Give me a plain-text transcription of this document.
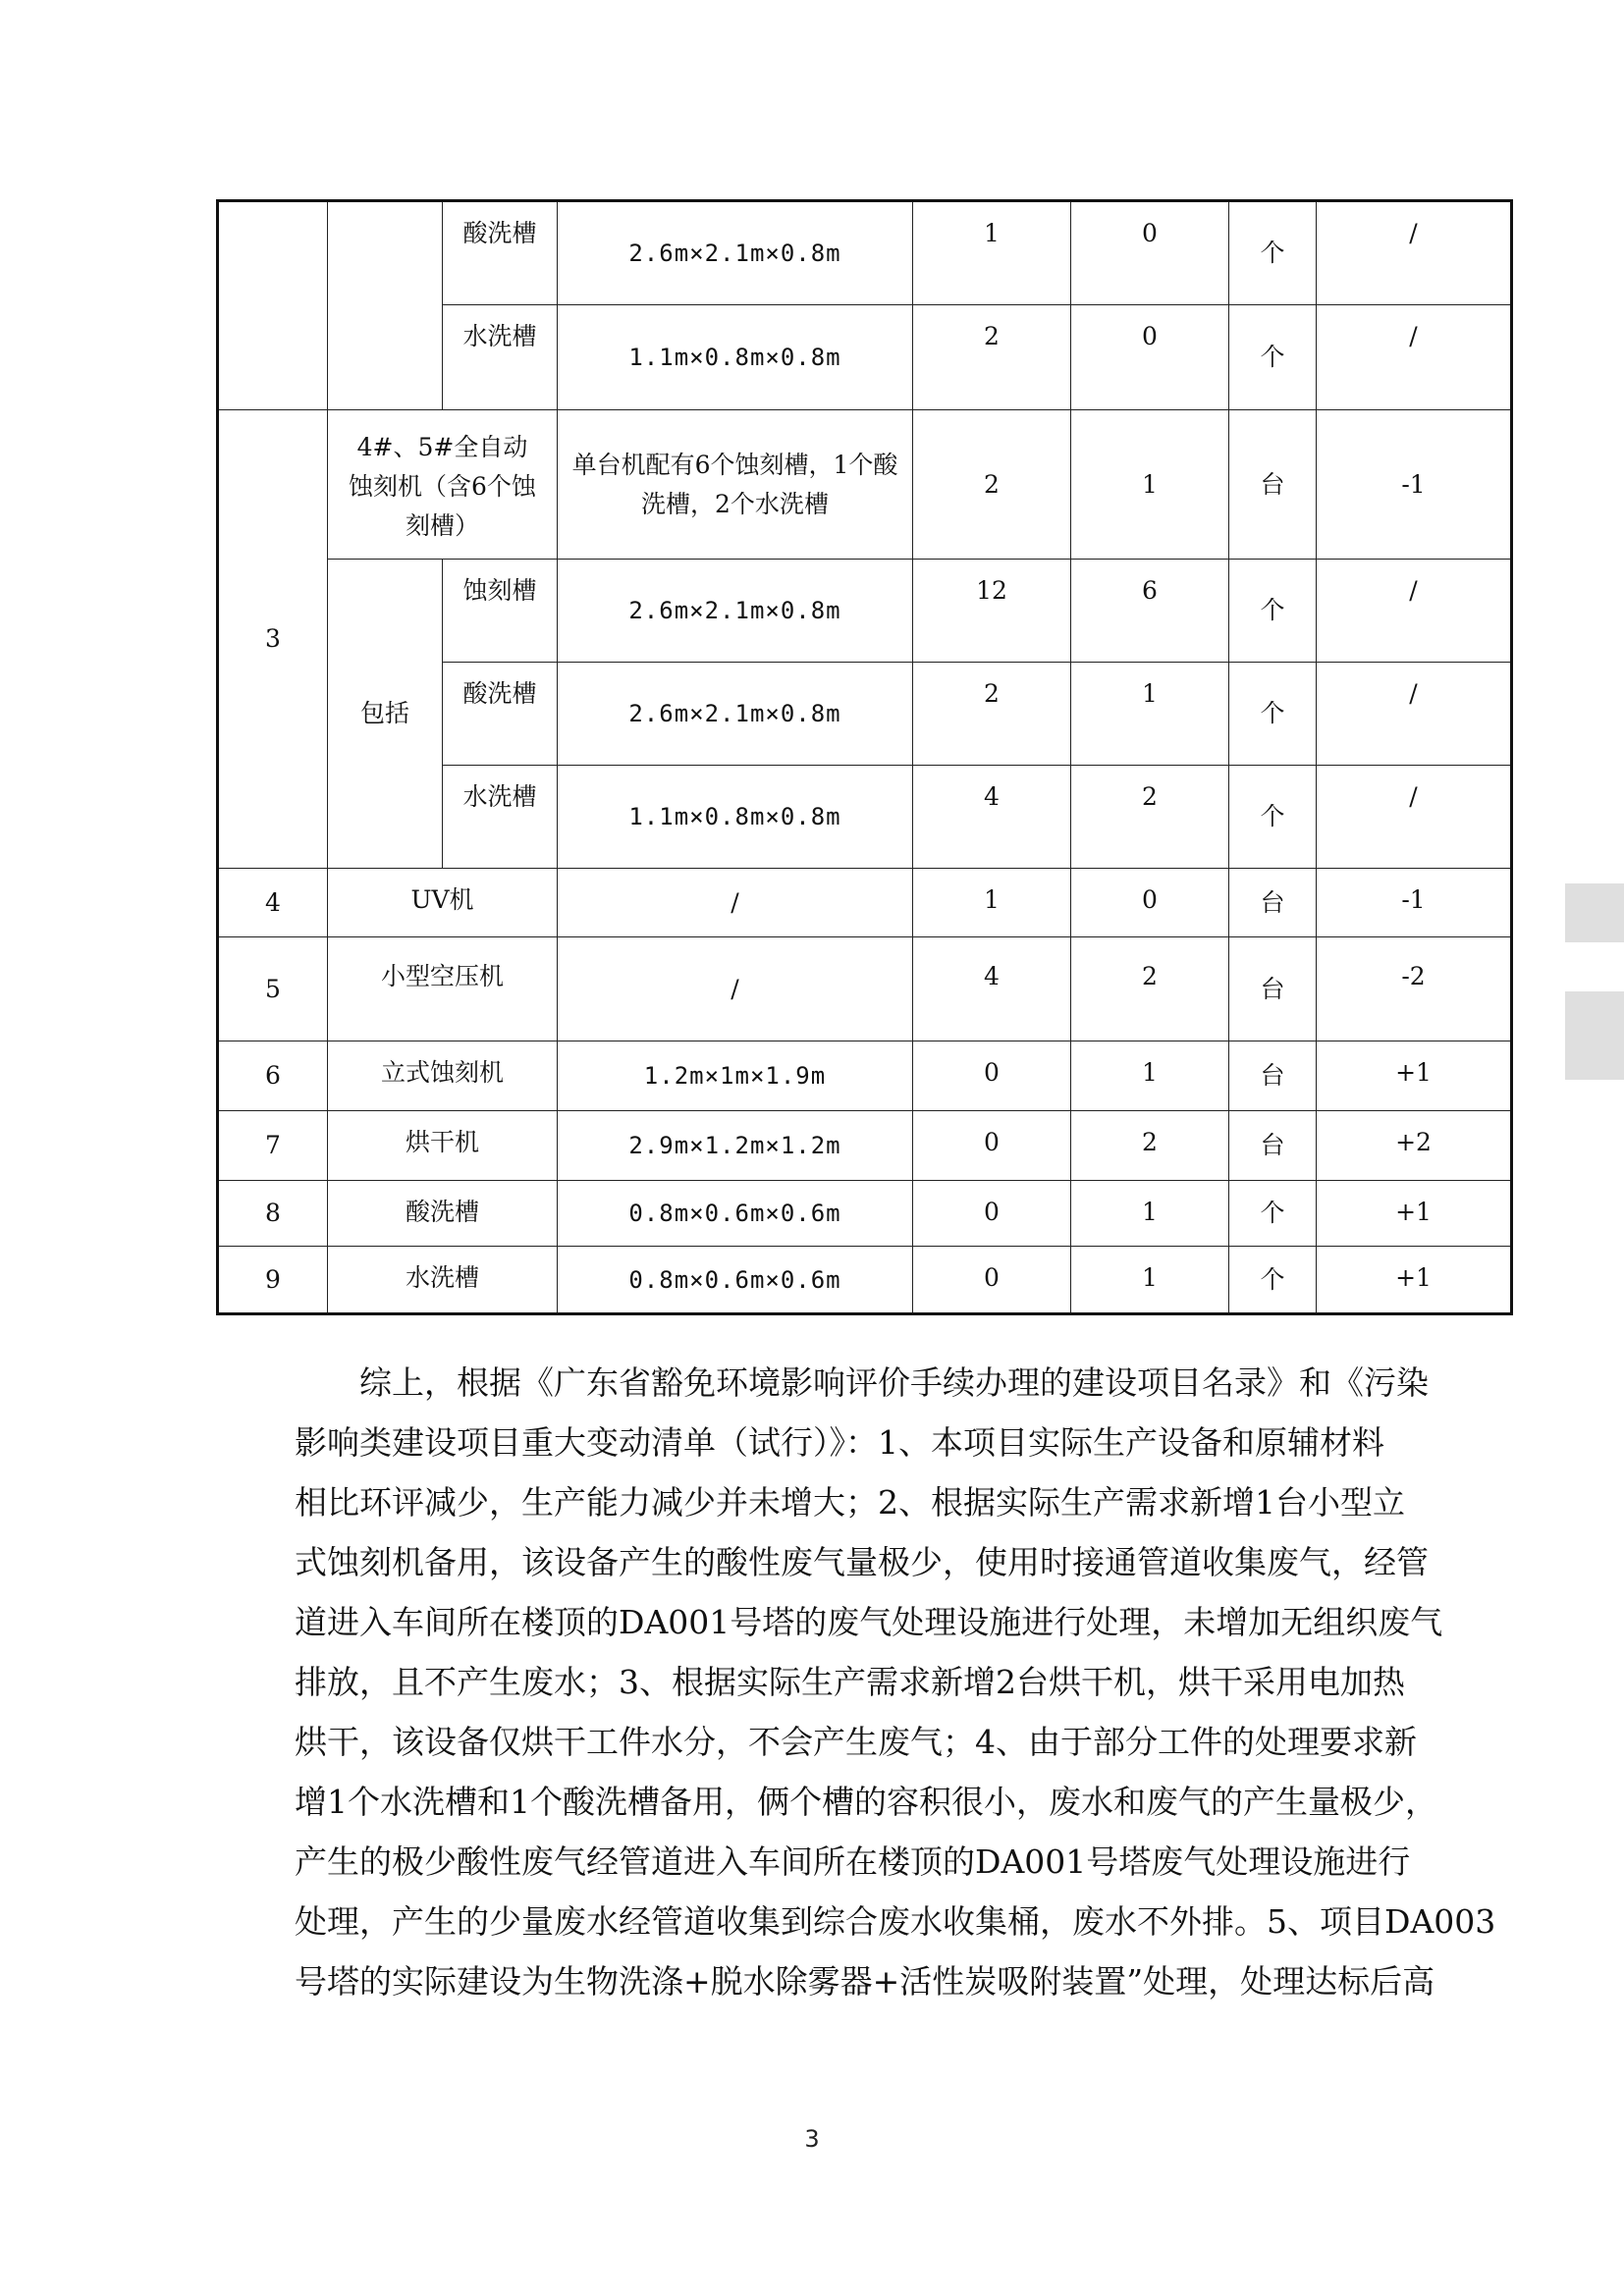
		酸洗槽	2.6m×2.1m×0.8m	1	0	个	/
		水洗槽	1.1m×0.8m×0.8m	2	0	个	/
3	4#、5#全自动蚀刻机（含6个蚀刻槽）		单台机配有6个蚀刻槽，1个酸洗槽，2个水洗槽	2	1	台	-1
	包括	蚀刻槽	2.6m×2.1m×0.8m	12	6	个	/
		酸洗槽	2.6m×2.1m×0.8m	2	1	个	/
		水洗槽	1.1m×0.8m×0.8m	4	2	个	/
4	UV机		/	1	0	台	-1
5	小型空压机		/	4	2	台	-2
6	立式蚀刻机		1.2m×1m×1.9m	0	1	台	+1
7	烘干机		2.9m×1.2m×1.2m	0	2	台	+2
8	酸洗槽		0.8m×0.6m×0.6m	0	1	个	+1
9	水洗槽		0.8m×0.6m×0.6m	0	1	个	+1
综上，根据《广东省豁免环境影响评价手续办理的建设项目名录》和《污染
影响类建设项目重大变动清单（试行）》：1、本项目实际生产设备和原辅材料
相比环评减少，生产能力减少并未增大；2、根据实际生产需求新增1台小型立
式蚀刻机备用，该设备产生的酸性废气量极少，使用时接通管道收集废气，经管
道进入车间所在楼顶的DA001号塔的废气处理设施进行处理，未增加无组织废气
排放，且不产生废水；3、根据实际生产需求新增2台烘干机，烘干采用电加热
烘干，该设备仅烘干工件水分，不会产生废气；4、由于部分工件的处理要求新
增1个水洗槽和1个酸洗槽备用，俩个槽的容积很小，废水和废气的产生量极少，
产生的极少酸性废气经管道进入车间所在楼顶的DA001号塔废气处理设施进行
处理，产生的少量废水经管道收集到综合废水收集桶，废水不外排。5、项目DA003
号塔的实际建设为生物洗涤+脱水除雾器+活性炭吸附装置”处理，处理达标后高
3
